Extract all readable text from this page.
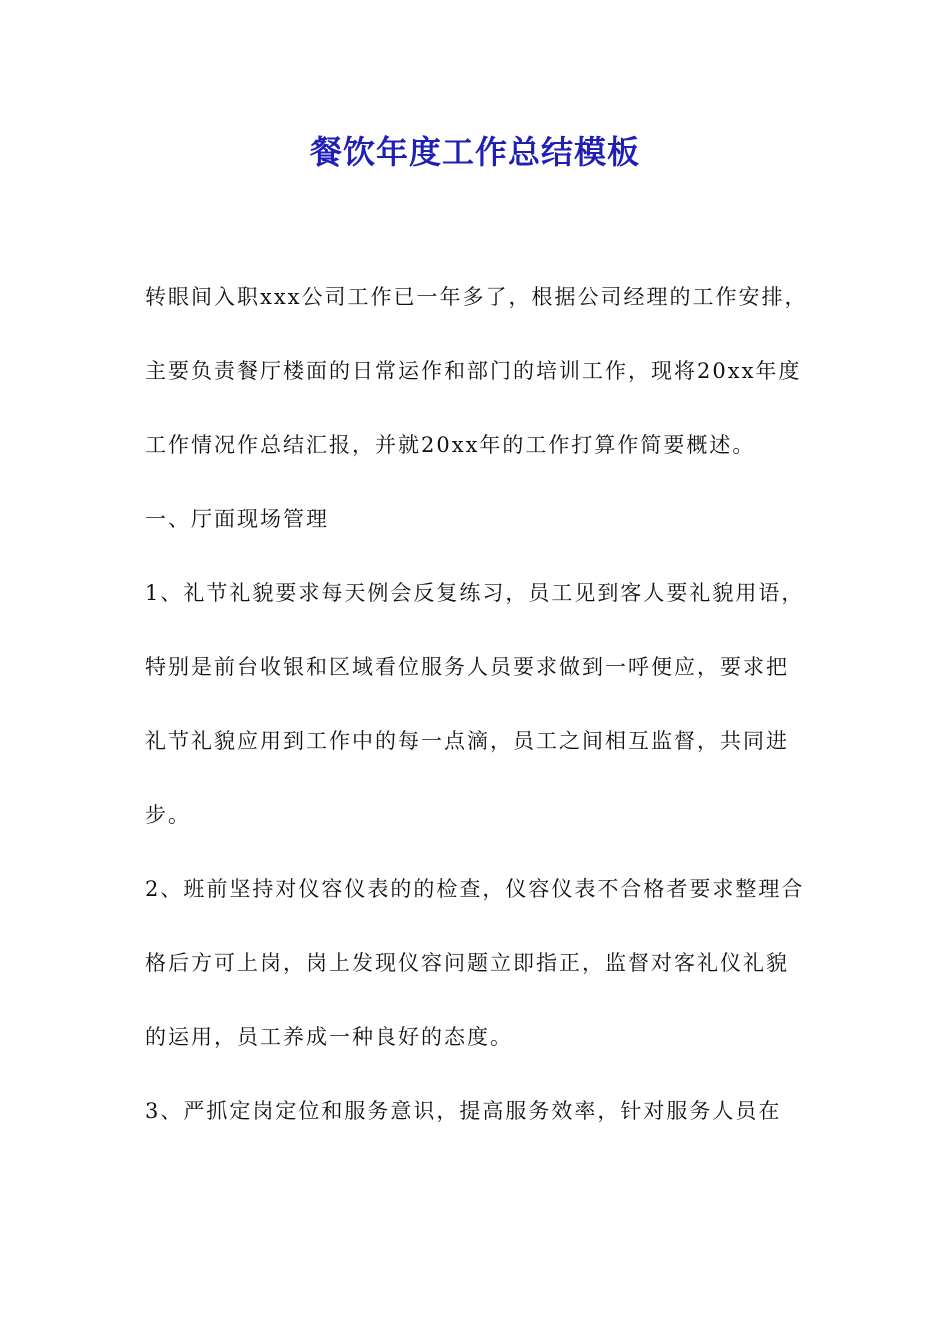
餐饮年度工作总结模板

转眼间入职xxx公司工作已一年多了，根据公司经理的工作安排，主要负责餐厅楼面的日常运作和部门的培训工作，现将20xx年度工作情况作总结汇报，并就20xx年的工作打算作简要概述。

一、厅面现场管理

1、礼节礼貌要求每天例会反复练习，员工见到客人要礼貌用语，特别是前台收银和区域看位服务人员要求做到一呼便应，要求把礼节礼貌应用到工作中的每一点滴，员工之间相互监督，共同进步。

2、班前坚持对仪容仪表的的检查，仪容仪表不合格者要求整理合格后方可上岗，岗上发现仪容问题立即指正，监督对客礼仪礼貌的运用，员工养成一种良好的态度。

3、严抓定岗定位和服务意识，提高服务效率，针对服务人员在
